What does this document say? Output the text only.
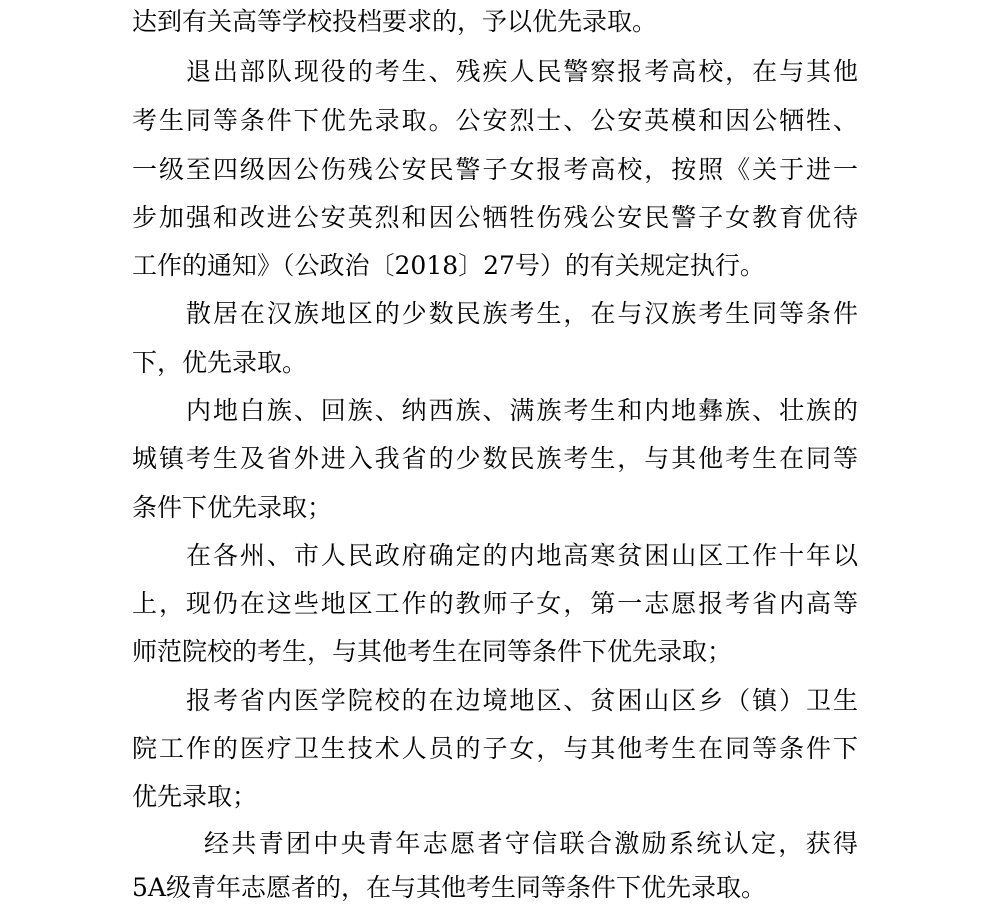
达到有关高等学校投档要求的，予以优先录取。
退出部队现役的考生、残疾人民警察报考高校，在与其他
考生同等条件下优先录取。公安烈士、公安英模和因公牺牲、
一级至四级因公伤残公安民警子女报考高校，按照《关于进一
步加强和改进公安英烈和因公牺牲伤残公安民警子女教育优待
工作的通知》（公政治〔2018〕27号）的有关规定执行。
散居在汉族地区的少数民族考生，在与汉族考生同等条件
下，优先录取。
内地白族、回族、纳西族、满族考生和内地彝族、壮族的
城镇考生及省外进入我省的少数民族考生，与其他考生在同等
条件下优先录取；
在各州、市人民政府确定的内地高寒贫困山区工作十年以
上，现仍在这些地区工作的教师子女，第一志愿报考省内高等
师范院校的考生，与其他考生在同等条件下优先录取；
报考省内医学院校的在边境地区、贫困山区乡（镇）卫生
院工作的医疗卫生技术人员的子女，与其他考生在同等条件下
优先录取；
经共青团中央青年志愿者守信联合激励系统认定，获得
5A级青年志愿者的，在与其他考生同等条件下优先录取。
